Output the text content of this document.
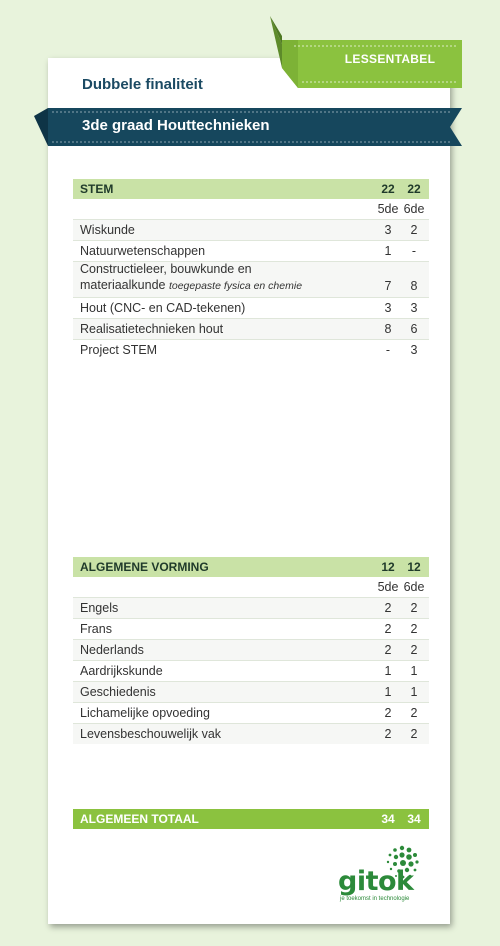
LESSENTABEL
Dubbele finaliteit
3de graad Houttechnieken
STEM	22	22
5de 6de
Wiskunde	3	2
Natuurwetenschappen	1	-
Constructieleer, bouwkunde en
materiaalkunde toegepaste fysica en chemie	7	8
Hout (CNC- en CAD-tekenen)	3	3
Realisatietechnieken hout	8	6
Project STEM	-	3
ALGEMENE VORMING	12	12
5de 6de
Engels	2	2
Frans	2	2
Nederlands	2	2
Aardrijkskunde	1	1
Geschiedenis	1	1
Lichamelijke opvoeding	2	2
Levensbeschouwelijk vak	2	2
ALGEMEEN TOTAAL	34	34
gitok
je toekomst in technologie
